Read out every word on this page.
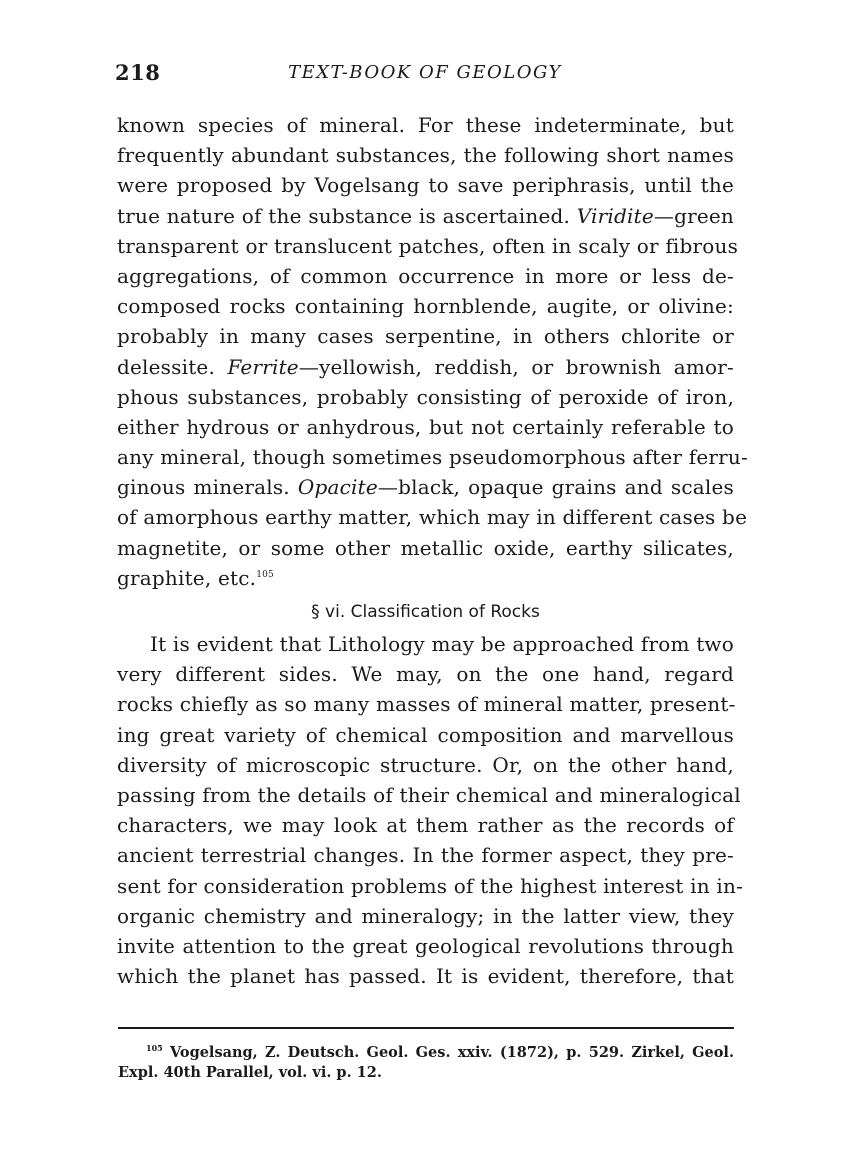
218	TEXT-BOOK OF GEOLOGY
known species of mineral. For these indeterminate, but
frequently abundant substances, the following short names
were proposed by Vogelsang to save periphrasis, until the
true nature of the substance is ascertained. Viridite—green
transparent or translucent patches, often in scaly or fibrous
aggregations, of common occurrence in more or less de-
composed rocks containing hornblende, augite, or olivine:
probably in many cases serpentine, in others chlorite or
delessite. Ferrite—yellowish, reddish, or brownish amor-
phous substances, probably consisting of peroxide of iron,
either hydrous or anhydrous, but not certainly referable to
any mineral, though sometimes pseudomorphous after ferru-
ginous minerals. Opacite—black, opaque grains and scales
of amorphous earthy matter, which may in different cases be
magnetite, or some other metallic oxide, earthy silicates,
graphite, etc.$^{105}$
§ vi. Classification of Rocks
It is evident that Lithology may be approached from two
very different sides. We may, on the one hand, regard
rocks chiefly as so many masses of mineral matter, present-
ing great variety of chemical composition and marvellous
diversity of microscopic structure. Or, on the other hand,
passing from the details of their chemical and mineralogical
characters, we may look at them rather as the records of
ancient terrestrial changes. In the former aspect, they pre-
sent for consideration problems of the highest interest in in-
organic chemistry and mineralogy; in the latter view, they
invite attention to the great geological revolutions through
which the planet has passed. It is evident, therefore, that
$^{105}$ Vogelsang, Z. Deutsch. Geol. Ges. xxiv. (1872), p. 529. Zirkel, Geol.
Expl. 40th Parallel, vol. vi. p. 12.
